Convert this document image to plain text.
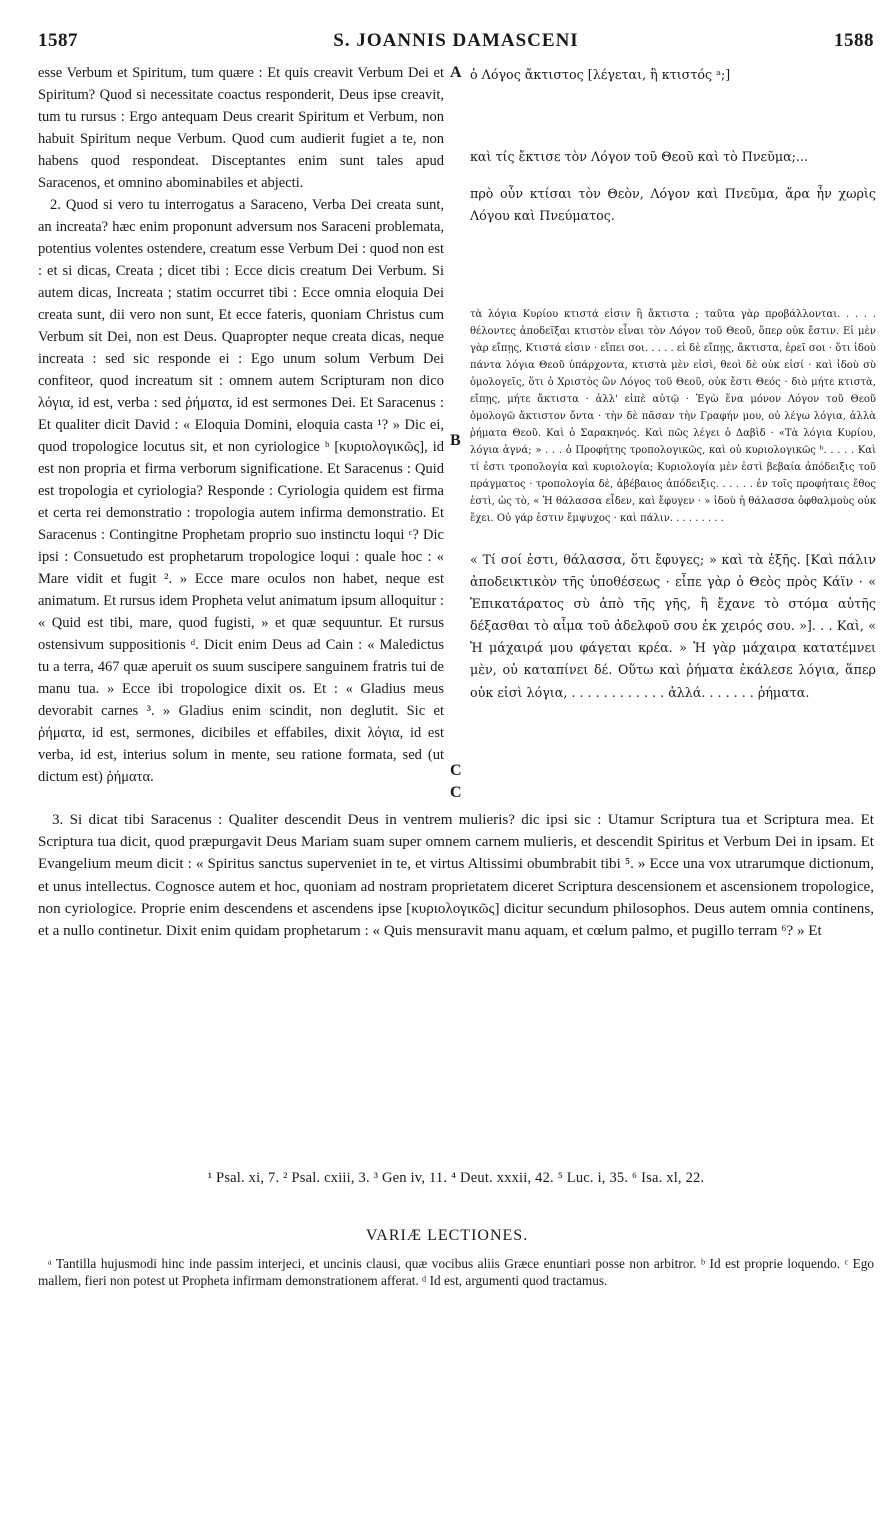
1587	S. JOANNIS DAMASCENI	1588

esse Verbum et Spiritum, tum quære : Et quis creavit Verbum Dei et Spiritum? Quod si necessitate coactus responderit, Deus ipse creavit, tum tu rursus : Ergo antequam Deus crearit Spiritum et Verbum, non habuit Spiritum neque Verbum. Quod cum audierit fugiet a te, non habens quod respondeat. Disceptantes enim sunt tales apud Saracenos, et omnino abominabiles et abjecti.

2. Quod si vero tu interrogatus a Saraceno, Verba Dei creata sunt, an increata? hæc enim proponunt adversum nos Saraceni problemata, potentius volentes ostendere, creatum esse Verbum Dei : quod non est : et si dicas, Creata ; dicet tibi : Ecce dicis creatum Dei Verbum. Si autem dicas, Increata ; statim occurret tibi : Ecce omnia eloquia Dei creata sunt, dii vero non sunt, Et ecce fateris, quoniam Christus cum Verbum sit Dei, non est Deus. Quapropter neque creata dicas, neque increata : sed sic responde ei : Ego unum solum Verbum Dei confiteor, quod increatum sit : omnem autem Scripturam non dico λόγια, id est, verba : sed ῥήματα, id est sermones Dei. Et Saracenus : Et qualiter dicit David : « Eloquia Domini, eloquia casta ¹? » Dic ei, quod tropologice locutus sit, et non cyriologice ᵇ [κυριολογικῶς], id est non propria et firma verborum significatione. Et Saracenus : Quid est tropologia et cyriologia? Responde : Cyriologia quidem est firma et certa rei demonstratio : tropologia autem infirma demonstratio. Et Saracenus : Contingitne Prophetam proprio suo instinctu loqui ᶜ? Dic ipsi : Consuetudo est prophetarum tropologice loqui : quale hoc : « Mare vidit et fugit ². » Ecce mare oculos non habet, neque est animatum. Et rursus idem Propheta velut animatum ipsum alloquitur : « Quid est tibi, mare, quod fugisti, » et quæ sequuntur. Et rursus ostensivum suppositionis ᵈ. Dicit enim Deus ad Cain : « Maledictus tu a terra, 467 quæ aperuit os suum suscipere sanguinem fratris tui de manu tua. » Ecce ibi tropologice dixit os. Et : « Gladius meus devorabit carnes ³. » Gladius enim scindit, non deglutit. Sic et ῥήματα, id est, sermones, dicibiles et effabiles, dixit λόγια, id est verba, id est, interius solum in mente, seu ratione formata, sed (ut dictum est) ῥήματα.

A
B
C
C

ὁ Λόγος ἄκτιστος [λέγεται, ἢ κτιστός ᵃ;]

καὶ τίς ἔκτισε τὸν Λόγον τοῦ Θεοῦ καὶ τὸ Πνεῦμα;...

πρὸ οὖν κτίσαι τὸν Θεὸν, Λόγον καὶ Πνεῦμα, ἄρα ἦν χωρὶς Λόγου καὶ Πνεύματος.

τὰ λόγια Κυρίου κτιστά εἰσιν ἢ ἄκτιστα ; ταῦτα γὰρ προβάλλονται. . . . . θέλοντες ἀποδεῖξαι κτιστὸν εἶναι τὸν Λόγον τοῦ Θεοῦ, ὅπερ οὐκ ἔστιν. Εἰ μὲν γὰρ εἴπῃς, Κτιστά εἰσιν · εἴπει σοι. . . . . εἰ δὲ εἴπῃς, ἄκτιστα, ἐρεῖ σοι · ὅτι ἰδοὺ πάντα λόγια Θεοῦ ὑπάρχοντα, κτιστὰ μὲν εἰσὶ, θεοὶ δὲ οὐκ εἰσί · καὶ ἰδοὺ σὺ ὁμολογεῖς, ὅτι ὁ Χριστὸς ὢν Λόγος τοῦ Θεοῦ, οὐκ ἔστι Θεός · διὸ μήτε κτιστὰ, εἴπῃς, μήτε ἄκτιστα · ἀλλ' εἰπὲ αὐτῷ · Ἐγὼ ἕνα μόνον Λόγον τοῦ Θεοῦ ὁμολογῶ ἄκτιστον ὄντα · τὴν δὲ πᾶσαν τὴν Γραφήν μου, οὐ λέγω λόγια, ἀλλὰ ῥήματα Θεοῦ. Καὶ ὁ Σαρακηνός. Καὶ πῶς λέγει ὁ Δαβὶδ · «Τὰ λόγια Κυρίου, λόγια ἁγνά; » . . . ὁ Προφήτης τροπολογικῶς, καὶ οὐ κυριολογικῶς ᵇ. . . . . Καὶ τί ἐστι τροπολογία καὶ κυριολογία; Κυριολογία μὲν ἐστὶ βεβαία ἀπόδειξις τοῦ πράγματος · τροπολογία δὲ, ἀβέβαιος ἀπόδειξις. . . . . . ἐν τοῖς προφήταις ἔθος ἐστὶ, ὡς τὸ, « Ἡ θάλασσα εἶδεν, καὶ ἔφυγεν · » ἰδοὺ ἡ θάλασσα ὀφθαλμοὺς οὐκ ἔχει. Οὐ γάρ ἐστιν ἔμψυχος · καὶ πάλιν. . . . . . . . .

« Τί σοί ἐστι, θάλασσα, ὅτι ἔφυγες; » καὶ τὰ ἑξῆς. [Καὶ πάλιν ἀποδεικτικὸν τῆς ὑποθέσεως · εἶπε γὰρ ὁ Θεὸς πρὸς Κάϊν · « Ἐπικατάρατος σὺ ἀπὸ τῆς γῆς, ἣ ἔχανε τὸ στόμα αὐτῆς δέξασθαι τὸ αἷμα τοῦ ἀδελφοῦ σου ἐκ χειρός σου. »]. . . Καὶ, « Ἡ μάχαιρά μου φάγεται κρέα. » Ἡ γὰρ μάχαιρα κατατέμνει μὲν, οὐ καταπίνει δέ. Οὕτω καὶ ῥήματα ἐκάλεσε λόγια, ἅπερ οὐκ εἰσὶ λόγια, . . . . . . . . . . . . ἀλλά. . . . . . . ῥήματα.

3. Si dicat tibi Saracenus : Qualiter descendit Deus in ventrem mulieris? dic ipsi sic : Utamur Scriptura tua et Scriptura mea. Et Scriptura tua dicit, quod præpurgavit Deus Mariam suam super omnem carnem mulieris, et descendit Spiritus et Verbum Dei in ipsam. Et Evangelium meum dicit : « Spiritus sanctus superveniet in te, et virtus Altissimi obumbrabit tibi ⁵. » Ecce una vox utrarumque dictionum, et unus intellectus. Cognosce autem et hoc, quoniam ad nostram proprietatem diceret Scriptura descensionem et ascensionem tropologice, non cyriologice. Proprie enim descendens et ascendens ipse [κυριολογικῶς] dicitur secundum philosophos. Deus autem omnia continens, et a nullo continetur. Dixit enim quidam prophetarum : « Quis mensuravit manu aquam, et cœlum palmo, et pugillo terram ⁶? » Et

¹ Psal. xi, 7. ² Psal. cxiii, 3. ³ Gen iv, 11. ⁴ Deut. xxxii, 42. ⁵ Luc. i, 35. ⁶ Isa. xl, 22.
VARIÆ LECTIONES.

ᵃ Tantilla hujusmodi hinc inde passim interjeci, et uncinis clausi, quæ vocibus aliis Græce enuntiari posse non arbitror. ᵇ Id est proprie loquendo. ᶜ Ego mallem, fieri non potest ut Propheta infirmam demonstrationem afferat. ᵈ Id est, argumenti quod tractamus.
